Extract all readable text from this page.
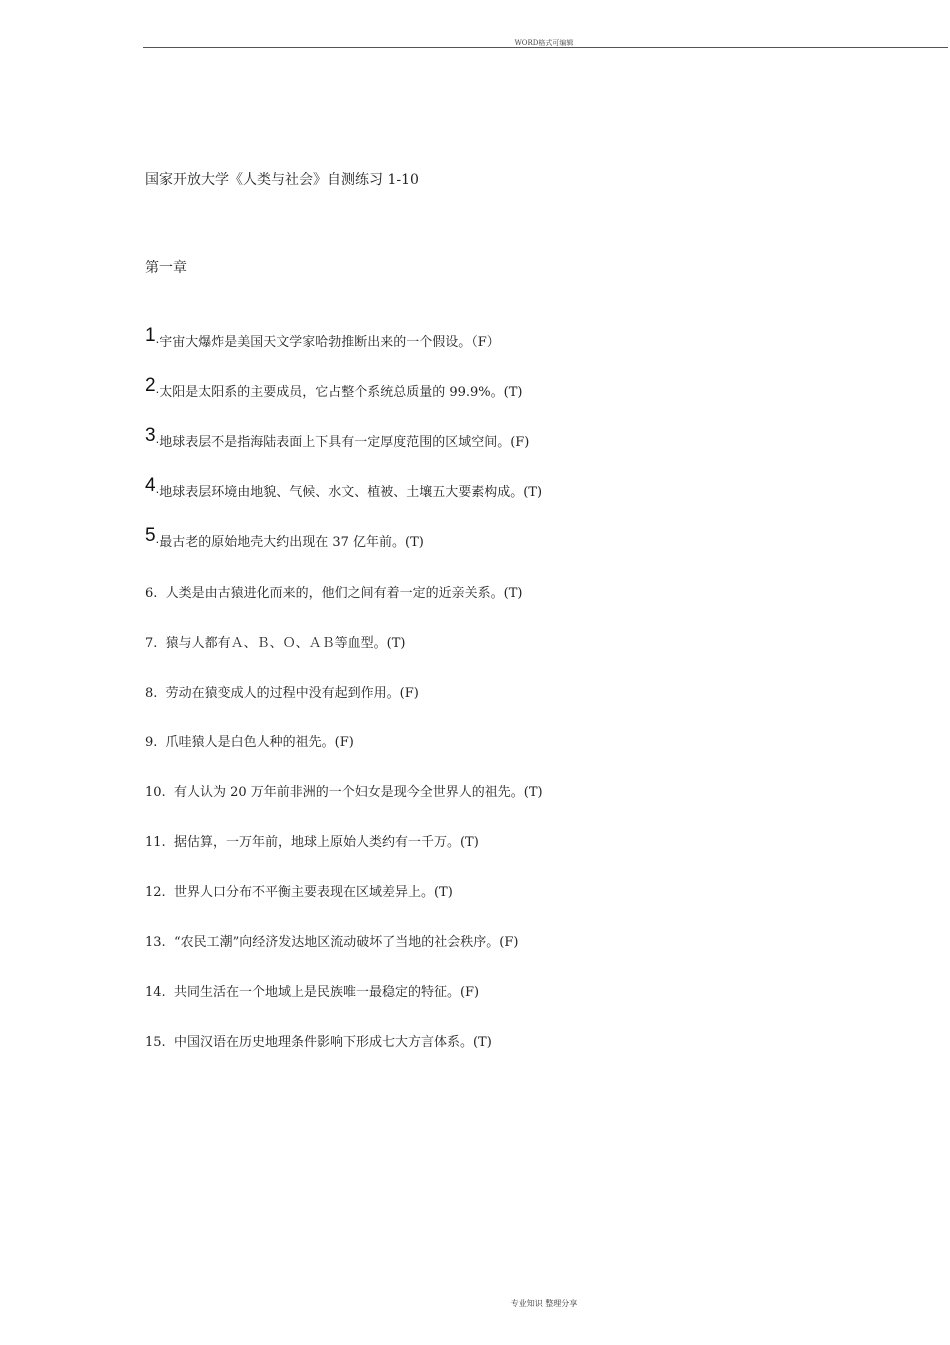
WORD格式可编辑
国家开放大学《人类与社会》自测练习 1-10
第一章
1.宇宙大爆炸是美国天文学家哈勃推断出来的一个假设。（F）
2.太阳是太阳系的主要成员，它占整个系统总质量的 99.9%。(T)
3.地球表层不是指海陆表面上下具有一定厚度范围的区域空间。(F)
4.地球表层环境由地貌、气候、水文、植被、土壤五大要素构成。(T)
5.最古老的原始地壳大约出现在 37 亿年前。(T)
6. 人类是由古猿进化而来的，他们之间有着一定的近亲关系。(T)
7. 猿与人都有Ａ、Ｂ、Ｏ、ＡＢ等血型。(T)
8. 劳动在猿变成人的过程中没有起到作用。(F)
9. 爪哇猿人是白色人种的祖先。(F)
10. 有人认为 20 万年前非洲的一个妇女是现今全世界人的祖先。(T)
11. 据估算，一万年前，地球上原始人类约有一千万。(T)
12. 世界人口分布不平衡主要表现在区域差异上。(T)
13. “农民工潮”向经济发达地区流动破坏了当地的社会秩序。(F)
14. 共同生活在一个地域上是民族唯一最稳定的特征。(F)
15. 中国汉语在历史地理条件影响下形成七大方言体系。(T)
专业知识 整理分享
